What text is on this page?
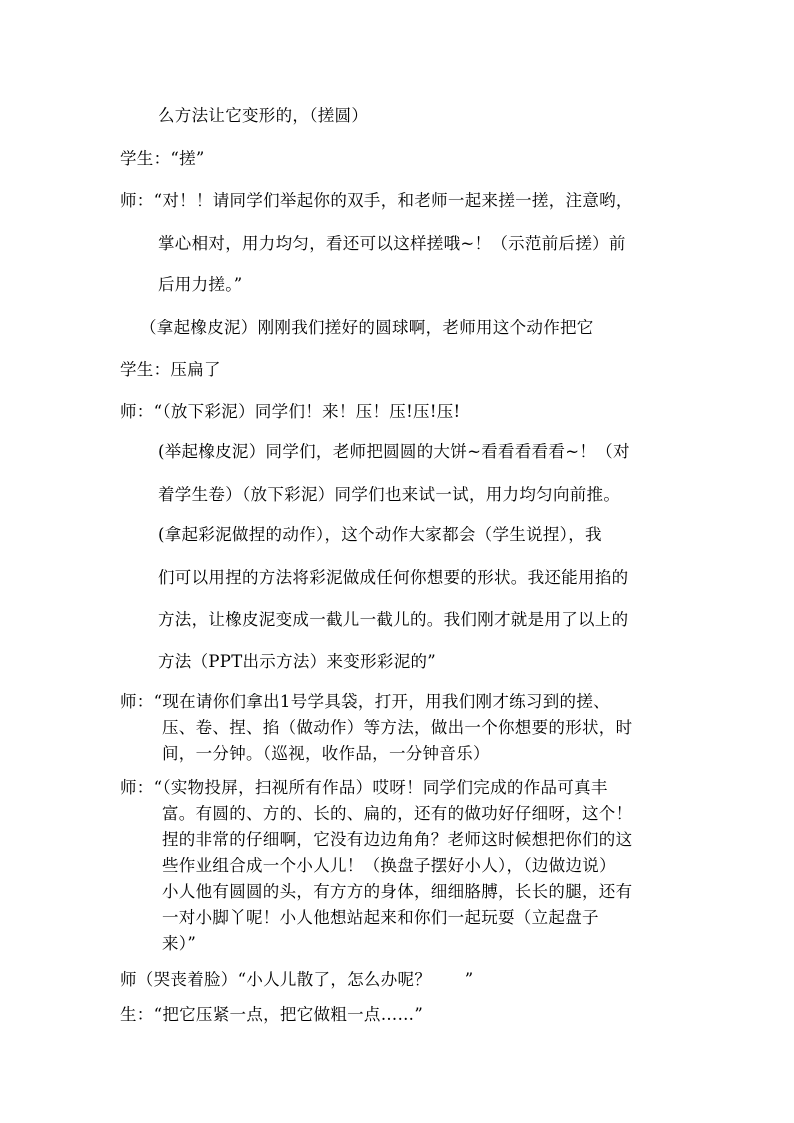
么方法让它变形的，（搓圆）
学生：“搓”
师：“对！！请同学们举起你的双手，和老师一起来搓一搓，注意哟，
掌心相对，用力均匀，看还可以这样搓哦~！（示范前后搓）前
后用力搓。”
（拿起橡皮泥）刚刚我们搓好的圆球啊，老师用这个动作把它
学生：压扁了
师：“（放下彩泥）同学们！来！压！压!压!压!
(举起橡皮泥）同学们，老师把圆圆的大饼~看看看看看~！（对
着学生卷）（放下彩泥）同学们也来试一试，用力均匀向前推。
(拿起彩泥做捏的动作），这个动作大家都会（学生说捏），我
们可以用捏的方法将彩泥做成任何你想要的形状。我还能用掐的
方法，让橡皮泥变成一截儿一截儿的。我们刚才就是用了以上的
方法（PPT出示方法）来变形彩泥的”
师：“现在请你们拿出1号学具袋，打开，用我们刚才练习到的搓、
压、卷、捏、掐（做动作）等方法，做出一个你想要的形状，时
间，一分钟。（巡视，收作品，一分钟音乐）
师：“（实物投屏，扫视所有作品）哎呀！同学们完成的作品可真丰
富。有圆的、方的、长的、扁的，还有的做功好仔细呀，这个！
捏的非常的仔细啊，它没有边边角角？老师这时候想把你们的这
些作业组合成一个小人儿！（换盘子摆好小人），（边做边说）
小人他有圆圆的头，有方方的身体，细细胳膊，长长的腿，还有
一对小脚丫呢！小人他想站起来和你们一起玩耍（立起盘子
来）”
师（哭丧着脸）“小人儿散了，怎么办呢？　　”
生：“把它压紧一点，把它做粗一点……”
